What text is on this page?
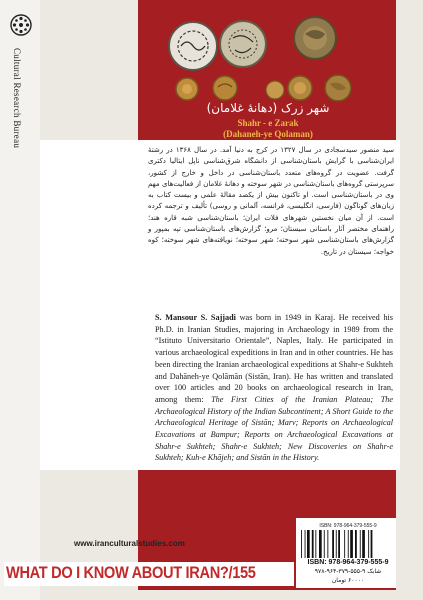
Cultural Research Bureau	شهر زرک (دهانهٔ غلامان)
Shahr - e Zarak
(Dahaneh-ye Qolaman)
سید منصور سیدسجادی در سال ۱۳۲۷ در کرج به دنیا آمد. در سال ۱۳۶۸ در رشتهٔ ایران‌شناسی با گرایش باستان‌شناسی از دانشگاه شرق‌شناسی ناپل ایتالیا دکتری گرفت. عضویت در گروه‌های متعدد باستان‌شناسی در داخل و خارج از کشور، سرپرستی گروه‌های باستان‌شناسی در شهر سوخته و دهانهٔ غلامان از فعالیت‌های مهم وی در باستان‌شناسی است. او تاکنون بیش از یکصد مقالهٔ علمی و بیست کتاب به زبان‌های گوناگون (فارسی، انگلیسی، فرانسه، آلمانی و روسی) تألیف و ترجمه کرده است. از آن میان نخستین شهرهای فلات ایران؛ باستان‌شناسی شبه قاره هند؛ راهنمای مختصر آثار باستانی سیستان؛ مرو؛ گزارش‌های باستان‌شناسی تپه بمپور و گزارش‌های باستان‌شناسی شهر سوخته؛ شهر سوخته؛ نویافته‌های شهر سوخته؛ کوه خواجه؛ سیستان در تاریخ.
S. Mansour S. Sajjadi was born in 1949 in Karaj. He received his Ph.D. in Iranian Studies, majoring in Archaeology in 1989 from the “Istituto Universitario Orientale”, Naples, Italy. He participated in various archaeological expeditions in Iran and in other countries. He has been directing the Iranian archaeological expeditions at Shahr-e Sukhteh and Dahāneh-ye Qolāmān (Sistān, Iran). He has written and translated over 100 articles and 20 books on archaeological research in Iran, among them: The First Cities of the Iranian Plateau; The Archaeological History of the Indian Subcontinent; A Short Guide to the Archaeological Heritage of Sistān; Marv; Reports on Archaeological Excavations at Bampur; Reports on Archaeological Excavations at Shahr-e Sukhteh; Shahr-e Sukhteh; New Discoveries on Shahr-e Sukhteh; Kuh-e Khājeh; and Sistān in the History.
ISBN: 978-964-379-555-9
ISBN: 978-964-379-555-9
شابک ۹-۵۵۵-۳۷۹-۹۶۴-۹۷۸
۶۰۰۰۰ تومان
www.iranculturalstudies.com
WHAT DO I KNOW ABOUT IRAN?/155
